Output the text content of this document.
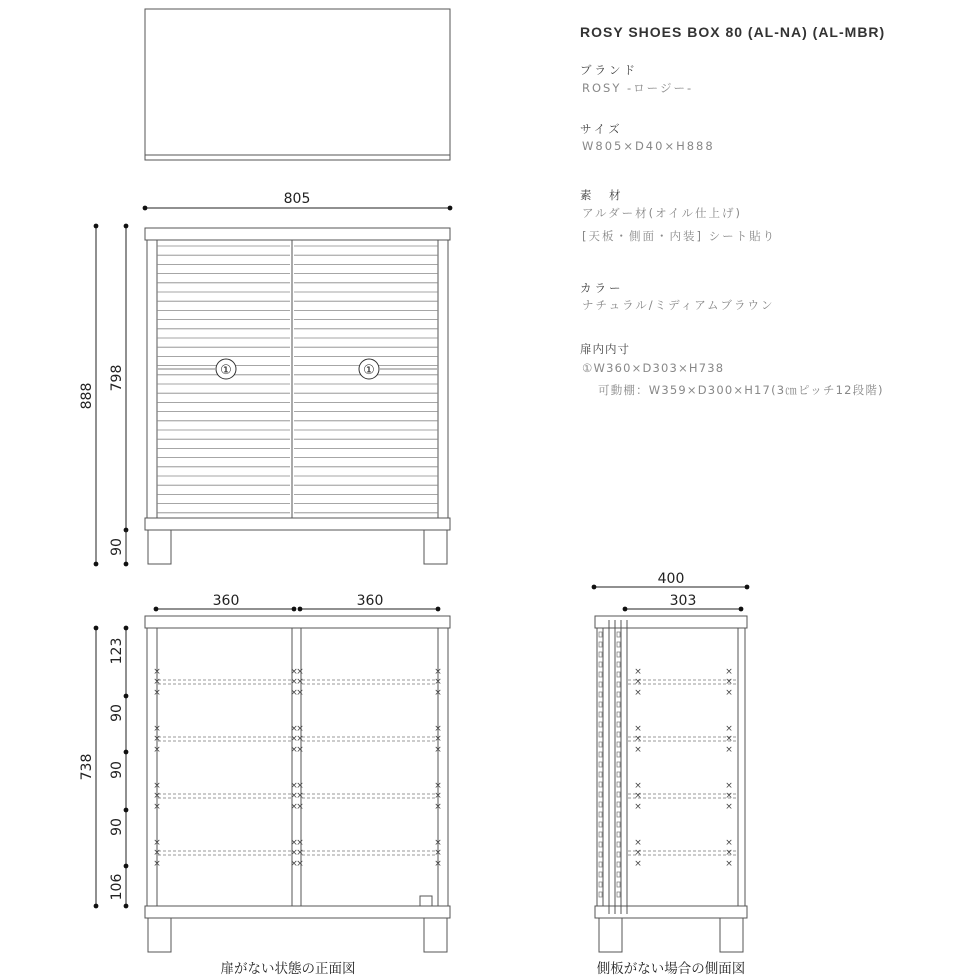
×	×
×	×
×	×
×	×
×	×
×	×
×	×
×	×
×	×
×	×
×	×
×	×
×	×
×	×
×	×
×	×
×	×
×	×
×	×
×	×
×	×
×	×
×	×
×	×
×	×
×	×
×	×
×	×
×	×
×	×
×	×
×	×
×	×
×	×
×	×
×	×
805
888
798
90
①	①
360	360
738
123
90
90
90
106
400
303
扉がない状態の正面図	側板がない場合の側面図
ROSY SHOES BOX 80 (AL-NA) (AL-MBR)
ブランド
ROSY -ロージー-
サイズ
W805×D40×H888
素　材
アルダー材(オイル仕上げ)
[天板・側面・内装] シート貼り
カラー
ナチュラル/ミディアムブラウン
扉内内寸
①W360×D303×H738
可動棚：W359×D300×H17(3㎝ピッチ12段階)
